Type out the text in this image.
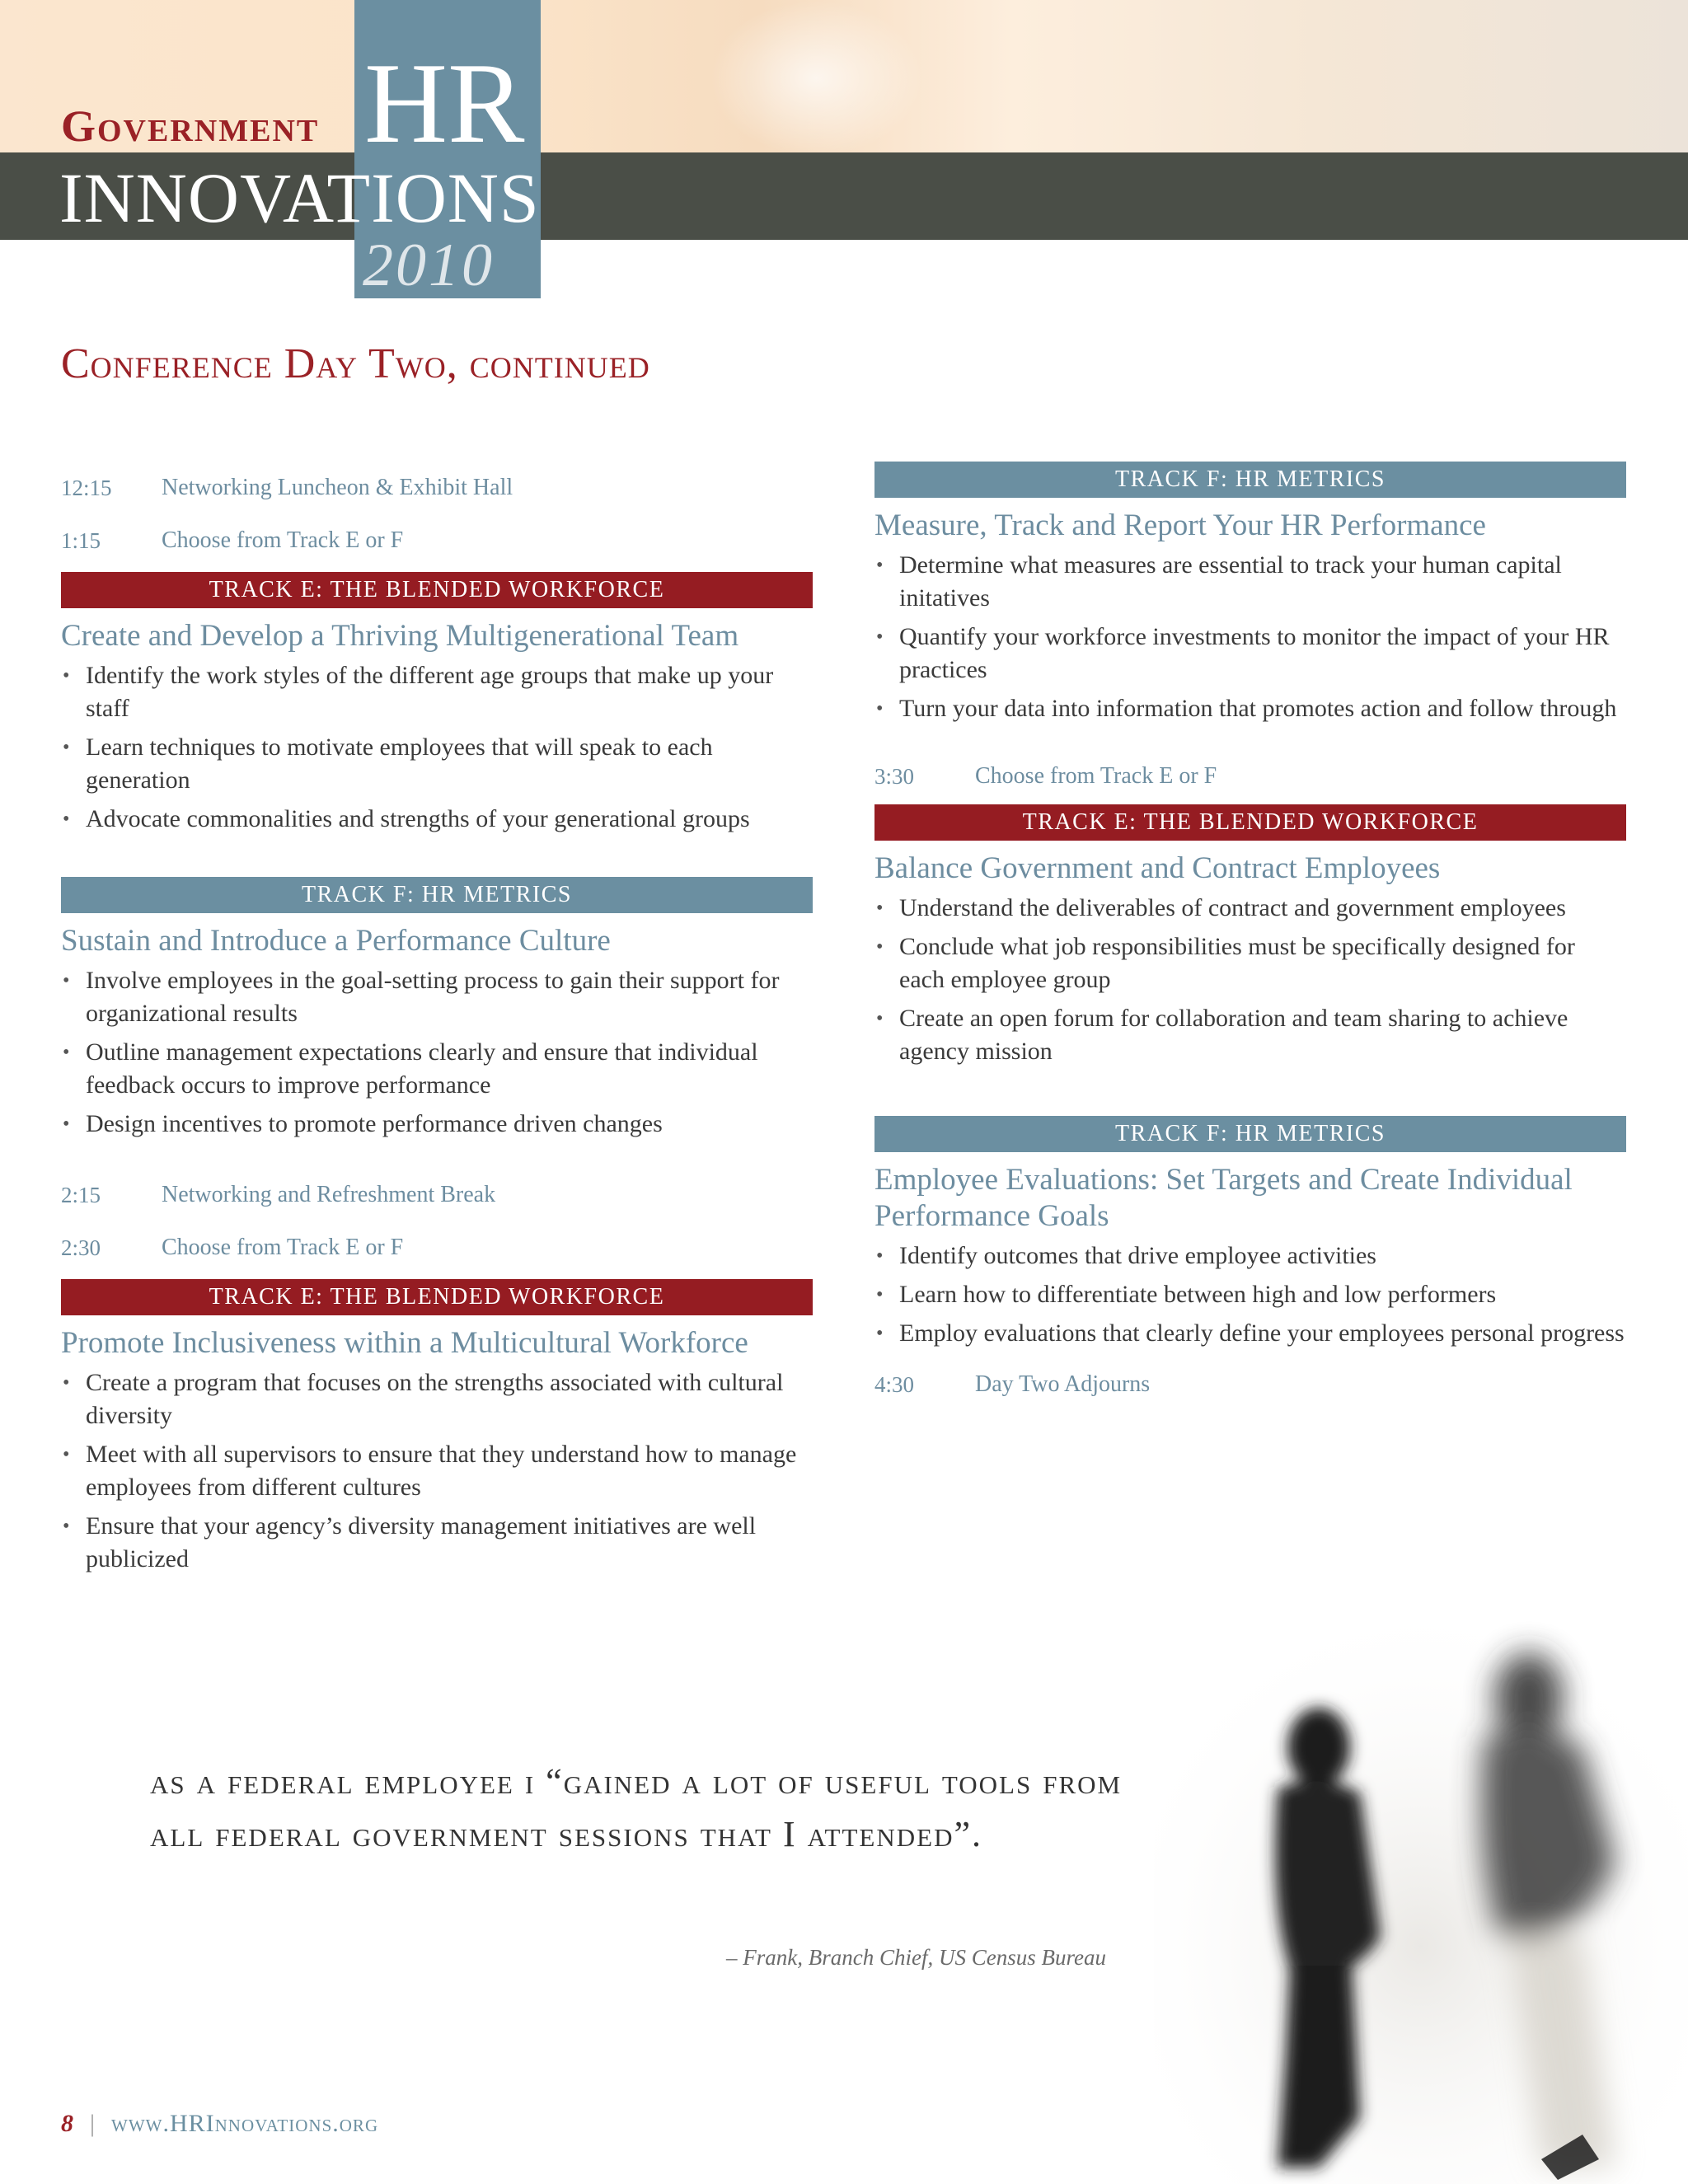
Government HR
INNOVATIONS
2010
Conference Day Two, continued
12:15	Networking Luncheon & Exhibit Hall
1:15	Choose from Track E or F
TRACK E: THE BLENDED WORKFORCE
Create and Develop a Thriving Multigenerational Team
• Identify the work styles of the different age groups that make up your staff
• Learn techniques to motivate employees that will speak to each generation
• Advocate commonalities and strengths of your generational groups
TRACK F: HR METRICS
Sustain and Introduce a Performance Culture
• Involve employees in the goal-setting process to gain their support for organizational results
• Outline management expectations clearly and ensure that individual feedback occurs to improve performance
• Design incentives to promote performance driven changes
2:15	Networking and Refreshment Break
2:30	Choose from Track E or F
TRACK E: THE BLENDED WORKFORCE
Promote Inclusiveness within a Multicultural Workforce
• Create a program that focuses on the strengths associated with cultural diversity
• Meet with all supervisors to ensure that they understand how to manage employees from different cultures
• Ensure that your agency’s diversity management initiatives are well publicized
TRACK F: HR METRICS
Measure, Track and Report Your HR Performance
• Determine what measures are essential to track your human capital initatives
• Quantify your workforce investments to monitor the impact of your HR practices
• Turn your data into information that promotes action and follow through
3:30	Choose from Track E or F
TRACK E: THE BLENDED WORKFORCE
Balance Government and Contract Employees
• Understand the deliverables of contract and government employees
• Conclude what job responsibilities must be specifically designed for each employee group
• Create an open forum for collaboration and team sharing to achieve agency mission
TRACK F: HR METRICS
Employee Evaluations: Set Targets and Create Individual Performance Goals
• Identify outcomes that drive employee activities
• Learn how to differentiate between high and low performers
• Employ evaluations that clearly define your employees personal progress
4:30	Day Two Adjourns
as a federal employee i “gained a lot of useful tools from all federal government sessions that I attended”.
– Frank, Branch Chief, US Census Bureau
8 | www.HRInnovations.org
